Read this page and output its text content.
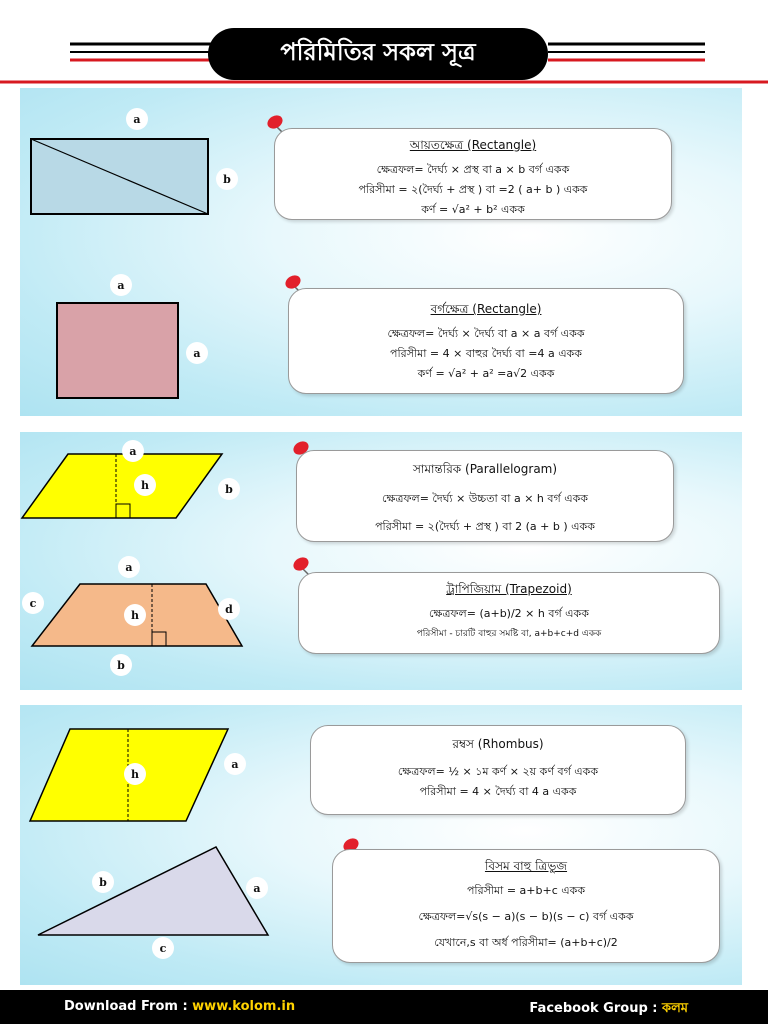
পরিমিতির সকল সূত্র
a
b
আয়তক্ষেত্র (Rectangle)
ক্ষেত্রফল= দৈর্ঘ্য × প্রস্থ বা a × b বর্গ একক
পরিসীমা = ২(দৈর্ঘ্য + প্রস্থ ) বা =2 ( a+ b ) একক
কর্ণ = √a² + b² একক
a
a
বর্গক্ষেত্র (Rectangle)
ক্ষেত্রফল= দৈর্ঘ্য × দৈর্ঘ্য বা a × a বর্গ একক
পরিসীমা = 4 × বাহুর দৈর্ঘ্য বা =4 a একক
কর্ণ = √a² + a² =a√2 একক
a
h	b
সামান্তরিক (Parallelogram)
ক্ষেত্রফল= দৈর্ঘ্য × উচ্চতা বা a × h বর্গ একক
পরিসীমা = ২(দৈর্ঘ্য + প্রস্থ ) বা 2 (a + b ) একক
a
c	d
h
b
ট্রাপিজিয়াম (Trapezoid)
ক্ষেত্রফল= (a+b)/2 × h বর্গ একক
পরিসীমা - চারটি বাহুর সমষ্টি বা, a+b+c+d একক
h
a
রম্বস (Rhombus)
ক্ষেত্রফল= ½ × ১ম কর্ণ × ২য় কর্ণ বর্গ একক
পরিসীমা = 4 × দৈর্ঘ্য বা 4 a একক
b	a
c
বিসম বাহু ত্রিভুজ
পরিসীমা = a+b+c একক
ক্ষেত্রফল=√s(s − a)(s − b)(s − c) বর্গ একক
যেখানে,s বা অর্ধ পরিসীমা= (a+b+c)/2
Download From : www.kolom.in	Facebook Group : কলম
